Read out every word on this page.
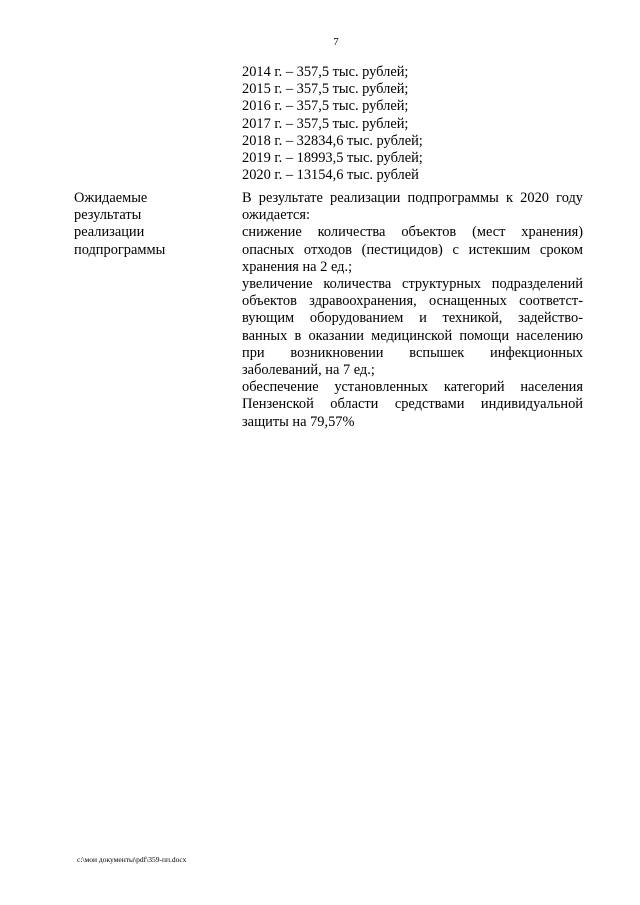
7
2014 г. – 357,5 тыс. рублей;
2015 г. – 357,5 тыс. рублей;
2016 г. – 357,5 тыс. рублей;
2017 г. – 357,5 тыс. рублей;
2018 г. – 32834,6 тыс. рублей;
2019 г. – 18993,5 тыс. рублей;
2020 г. – 13154,6 тыс. рублей
Ожидаемые
результаты
реализации
подпрограммы

В результате реализации подпрограммы к 2020 году
ожидается:

снижение количества объектов (мест хранения)
опасных отходов (пестицидов) с истекшим сроком
хранения на 2 ед.;

увеличение количества структурных подразделений
объектов здравоохранения, оснащенных соответст-
вующим оборудованием и техникой, задейство-
ванных в оказании медицинской помощи населению
при возникновении вспышек инфекционных
заболеваний, на 7 ед.;

обеспечение установленных категорий населения
Пензенской области средствами индивидуальной
защиты на 79,57%

c:\мои документы\pdf\359-пп.docx
